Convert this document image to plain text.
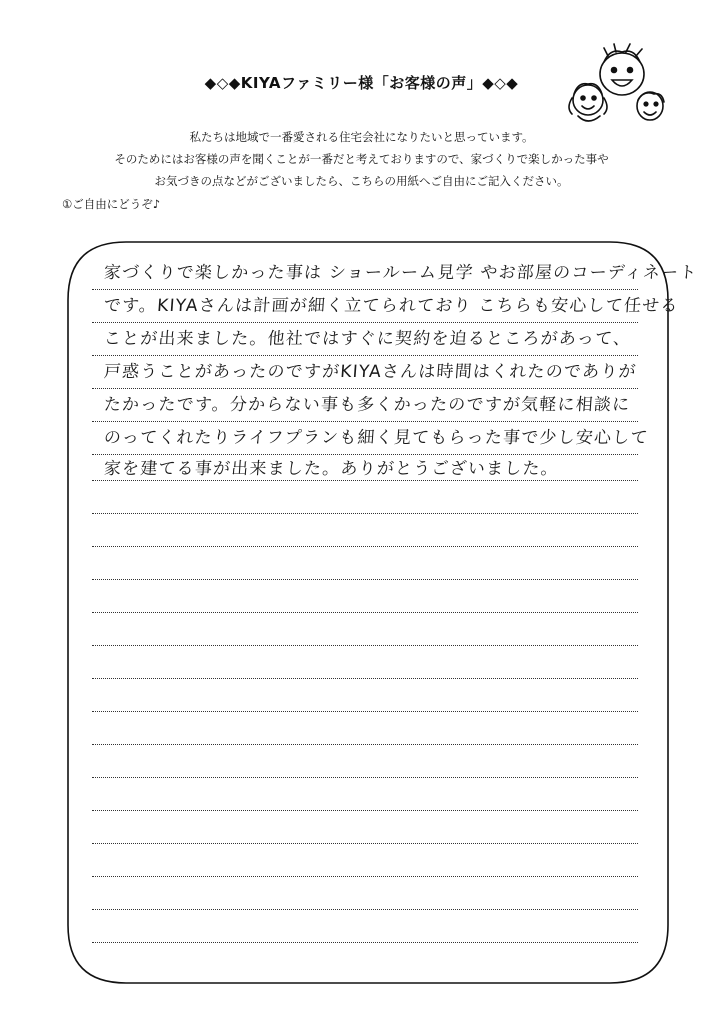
◆◇◆KIYAファミリー様「お客様の声」◆◇◆
私たちは地域で一番愛される住宅会社になりたいと思っています。
そのためにはお客様の声を聞くことが一番だと考えておりますので、家づくりで楽しかった事や
お気づきの点などがございましたら、こちらの用紙へご自由にご記入ください。
①ご自由にどうぞ♪
家づくりで楽しかった事は ショールーム見学 やお部屋のコーディネート
です。KIYAさんは計画が細く立てられており こちらも安心して任せる
ことが出来ました。他社ではすぐに契約を迫るところがあって、
戸惑うことがあったのですがKIYAさんは時間はくれたのでありが
たかったです。分からない事も多くかったのですが気軽に相談に
のってくれたりライフプランも細く見てもらった事で少し安心して
家を建てる事が出来ました。ありがとうございました。
